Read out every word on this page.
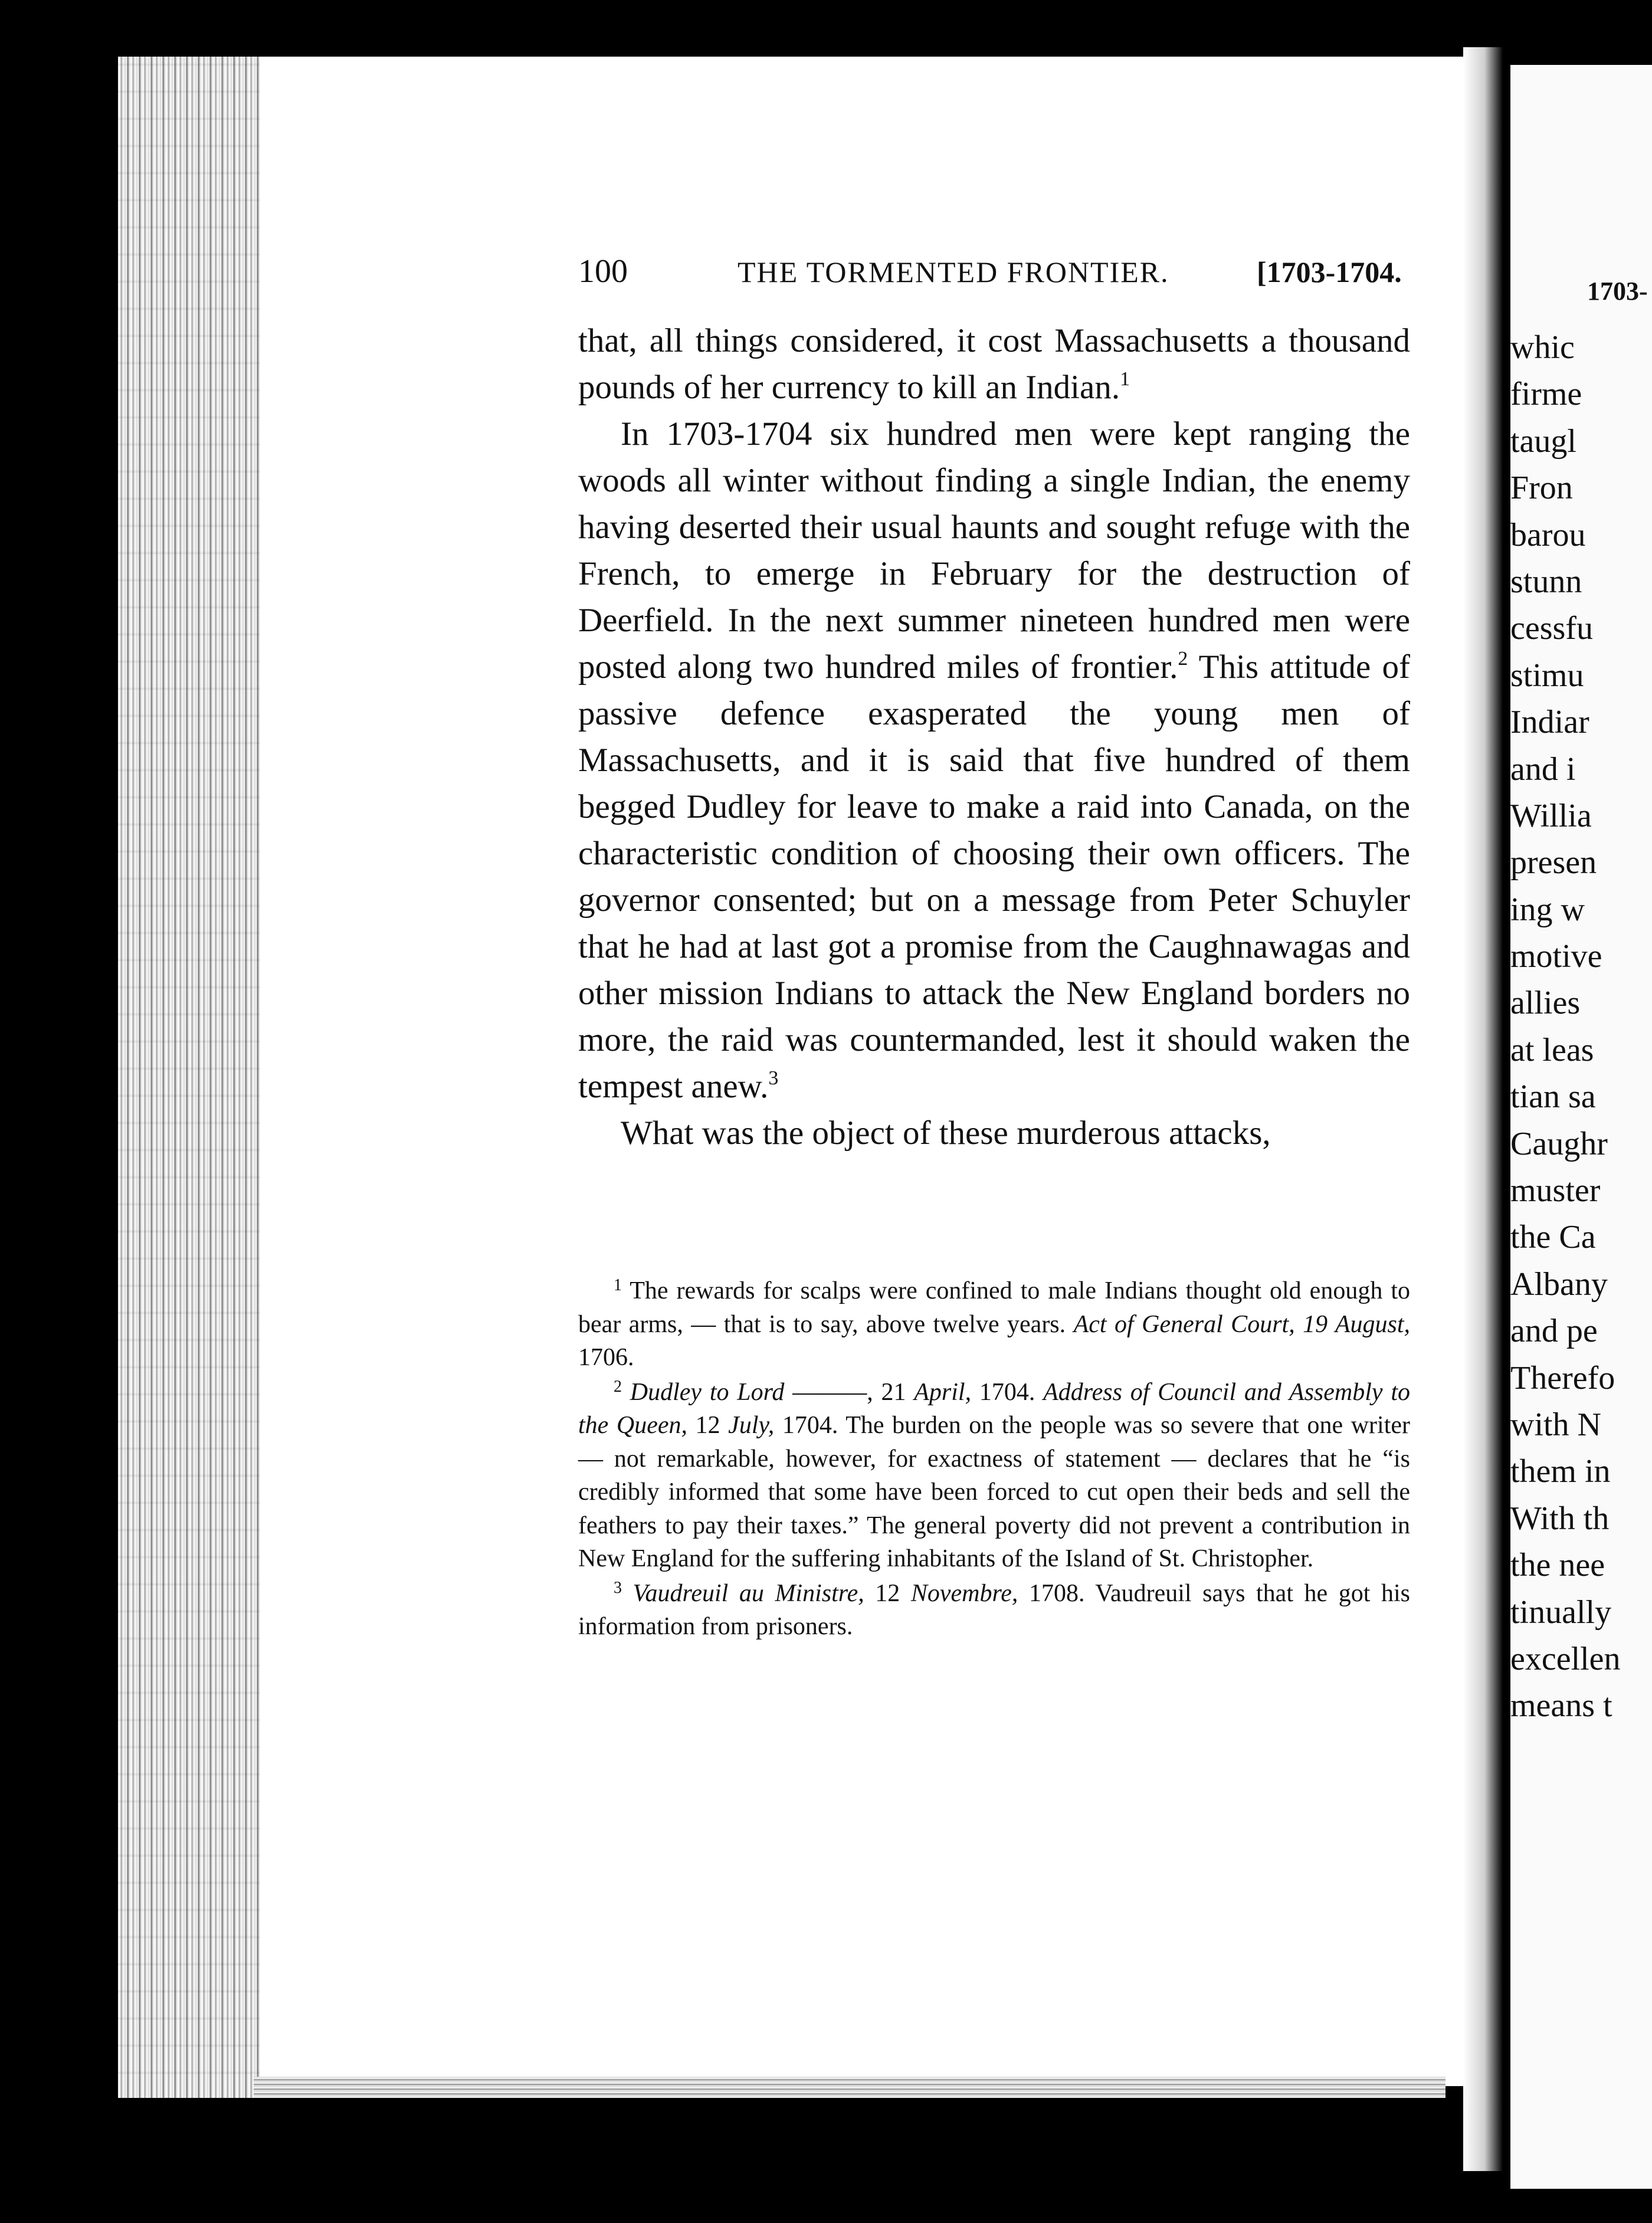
100	THE TORMENTED FRONTIER.	[1703-1704.

that, all things considered, it cost Massachusetts a thousand pounds of her currency to kill an Indian.$^1$

In 1703-1704 six hundred men were kept ranging the woods all winter without finding a single Indian, the enemy having deserted their usual haunts and sought refuge with the French, to emerge in February for the destruction of Deerfield. In the next summer nineteen hundred men were posted along two hundred miles of frontier.$^2$ This attitude of passive defence exasperated the young men of Massachusetts, and it is said that five hundred of them begged Dudley for leave to make a raid into Canada, on the characteristic condition of choosing their own officers. The governor consented; but on a message from Peter Schuyler that he had at last got a promise from the Caughnawagas and other mission Indians to attack the New England borders no more, the raid was countermanded, lest it should waken the tempest anew.$^3$

What was the object of these murderous attacks,

$^1$ The rewards for scalps were confined to male Indians thought old enough to bear arms, — that is to say, above twelve years. Act of General Court, 19 August, 1706.

$^2$ Dudley to Lord ———, 21 April, 1704. Address of Council and Assembly to the Queen, 12 July, 1704. The burden on the people was so severe that one writer — not remarkable, however, for exactness of statement — declares that he “is credibly informed that some have been forced to cut open their beds and sell the feathers to pay their taxes.” The general poverty did not prevent a contribution in New England for the suffering inhabitants of the Island of St. Christopher.

$^3$ Vaudreuil au Ministre, 12 Novembre, 1708. Vaudreuil says that he got his information from prisoners.

1703-
whic
firme
taugl
Fron
barou
stunn
cessfu
stimu
Indiar
and i
Willia
presen
ing w
motive
allies
at leas
tian sa
Caughr
muster
the Ca
Albany
and pe
Therefo
with N
them in
With th
the nee
tinually
excellen
means t
